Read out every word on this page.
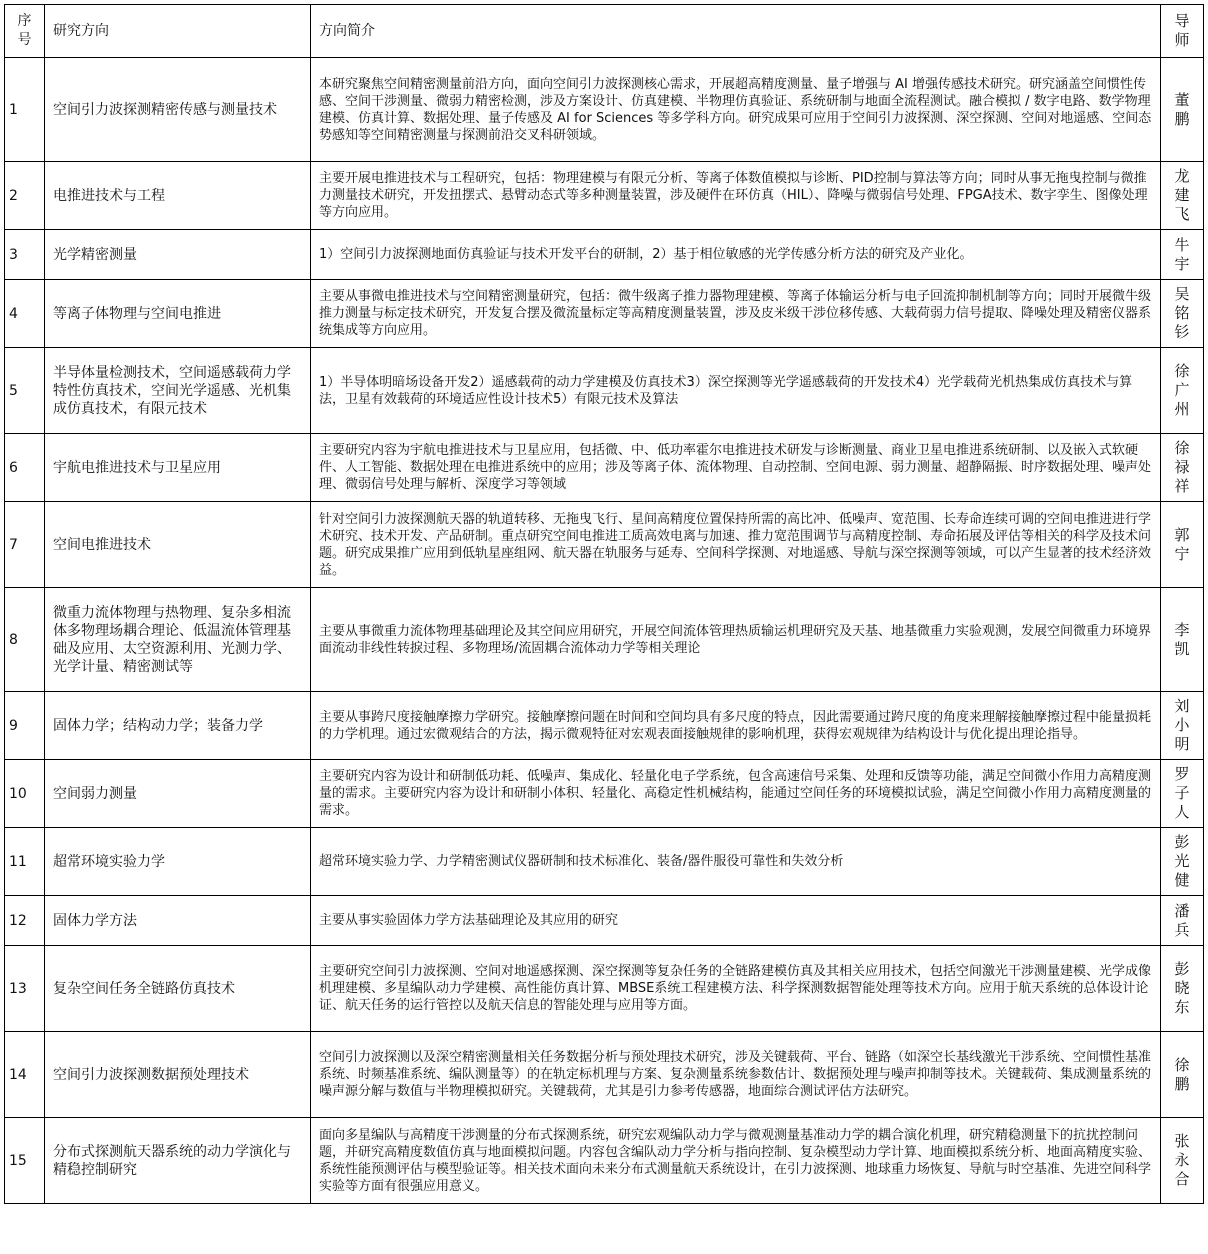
序号	研究方向	方向简介	导师

1	空间引力波探测精密传感与测量技术	本研究聚焦空间精密测量前沿方向，面向空间引力波探测核心需求，开展超高精度测量、量子增强与 AI 增强传感技术研究。研究涵盖空间惯性传感、空间干涉测量、微弱力精密检测，涉及方案设计、仿真建模、半物理仿真验证、系统研制与地面全流程测试。融合模拟 / 数字电路、数学物理建模、仿真计算、数据处理、量子传感及 AI for Sciences 等多学科方向。研究成果可应用于空间引力波探测、深空探测、空间对地遥感、空间态势感知等空间精密测量与探测前沿交叉科研领域。	董鹏

2	电推进技术与工程	主要开展电推进技术与工程研究，包括：物理建模与有限元分析、等离子体数值模拟与诊断、PID控制与算法等方向；同时从事无拖曳控制与微推力测量技术研究，开发扭摆式、悬臂动态式等多种测量装置，涉及硬件在环仿真（HIL）、降噪与微弱信号处理、FPGA技术、数字孪生、图像处理等方向应用。	龙建飞

3	光学精密测量	1）空间引力波探测地面仿真验证与技术开发平台的研制，2）基于相位敏感的光学传感分析方法的研究及产业化。	牛宇

4	等离子体物理与空间电推进	主要从事微电推进技术与空间精密测量研究，包括：微牛级离子推力器物理建模、等离子体输运分析与电子回流抑制机制等方向；同时开展微牛级推力测量与标定技术研究，开发复合摆及微流量标定等高精度测量装置，涉及皮米级干涉位移传感、大载荷弱力信号提取、降噪处理及精密仪器系统集成等方向应用。	吴铭钐

5	半导体量检测技术，空间遥感载荷力学特性仿真技术，空间光学遥感、光机集成仿真技术，有限元技术	1）半导体明暗场设备开发2）遥感载荷的动力学建模及仿真技术3）深空探测等光学遥感载荷的开发技术4）光学载荷光机热集成仿真技术与算法，卫星有效载荷的环境适应性设计技术5）有限元技术及算法	徐广州

6	宇航电推进技术与卫星应用	主要研究内容为宇航电推进技术与卫星应用，包括微、中、低功率霍尔电推进技术研发与诊断测量、商业卫星电推进系统研制、以及嵌入式软硬件、人工智能、数据处理在电推进系统中的应用；涉及等离子体、流体物理、自动控制、空间电源、弱力测量、超静隔振、时序数据处理、噪声处理、微弱信号处理与解析、深度学习等领域	徐禄祥

7	空间电推进技术	针对空间引力波探测航天器的轨道转移、无拖曳飞行、星间高精度位置保持所需的高比冲、低噪声、宽范围、长寿命连续可调的空间电推进进行学术研究、技术开发、产品研制。重点研究空间电推进工质高效电离与加速、推力宽范围调节与高精度控制、寿命拓展及评估等相关的科学及技术问题。研究成果推广应用到低轨星座组网、航天器在轨服务与延寿、空间科学探测、对地遥感、导航与深空探测等领域，可以产生显著的技术经济效益。	郭宁

8	微重力流体物理与热物理、复杂多相流体多物理场耦合理论、低温流体管理基础及应用、太空资源利用、光测力学、光学计量、精密测试等	主要从事微重力流体物理基础理论及其空间应用研究，开展空间流体管理热质输运机理研究及天基、地基微重力实验观测，发展空间微重力环境界面流动非线性转捩过程、多物理场/流固耦合流体动力学等相关理论	李凯

9	固体力学；结构动力学；装备力学	主要从事跨尺度接触摩擦力学研究。接触摩擦问题在时间和空间均具有多尺度的特点，因此需要通过跨尺度的角度来理解接触摩擦过程中能量损耗的力学机理。通过宏微观结合的方法，揭示微观特征对宏观表面接触规律的影响机理，获得宏观规律为结构设计与优化提出理论指导。	刘小明

10	空间弱力测量	主要研究内容为设计和研制低功耗、低噪声、集成化、轻量化电子学系统，包含高速信号采集、处理和反馈等功能，满足空间微小作用力高精度测量的需求。主要研究内容为设计和研制小体积、轻量化、高稳定性机械结构，能通过空间任务的环境模拟试验，满足空间微小作用力高精度测量的需求。	罗子人

11	超常环境实验力学	超常环境实验力学、力学精密测试仪器研制和技术标准化、装备/器件服役可靠性和失效分析	彭光健

12	固体力学方法	主要从事实验固体力学方法基础理论及其应用的研究	潘兵

13	复杂空间任务全链路仿真技术	主要研究空间引力波探测、空间对地遥感探测、深空探测等复杂任务的全链路建模仿真及其相关应用技术，包括空间激光干涉测量建模、光学成像机理建模、多星编队动力学建模、高性能仿真计算、MBSE系统工程建模方法、科学探测数据智能处理等技术方向。应用于航天系统的总体设计论证、航天任务的运行管控以及航天信息的智能处理与应用等方面。	彭晓东

14	空间引力波探测数据预处理技术	空间引力波探测以及深空精密测量相关任务数据分析与预处理技术研究，涉及关键载荷、平台、链路（如深空长基线激光干涉系统、空间惯性基准系统、时频基准系统、编队测量等）的在轨定标机理与方案、复杂测量系统参数估计、数据预处理与噪声抑制等技术。关键载荷、集成测量系统的噪声源分解与数值与半物理模拟研究。关键载荷，尤其是引力参考传感器，地面综合测试评估方法研究。	徐鹏

15	分布式探测航天器系统的动力学演化与精稳控制研究	面向多星编队与高精度干涉测量的分布式探测系统，研究宏观编队动力学与微观测量基准动力学的耦合演化机理，研究精稳测量下的抗扰控制问题，并研究高精度数值仿真与地面模拟问题。内容包含编队动力学分析与指向控制、复杂模型动力学计算、地面模拟系统分析、地面高精度实验、系统性能预测评估与模型验证等。相关技术面向未来分布式测量航天系统设计，在引力波探测、地球重力场恢复、导航与时空基准、先进空间科学实验等方面有很强应用意义。	张永合
